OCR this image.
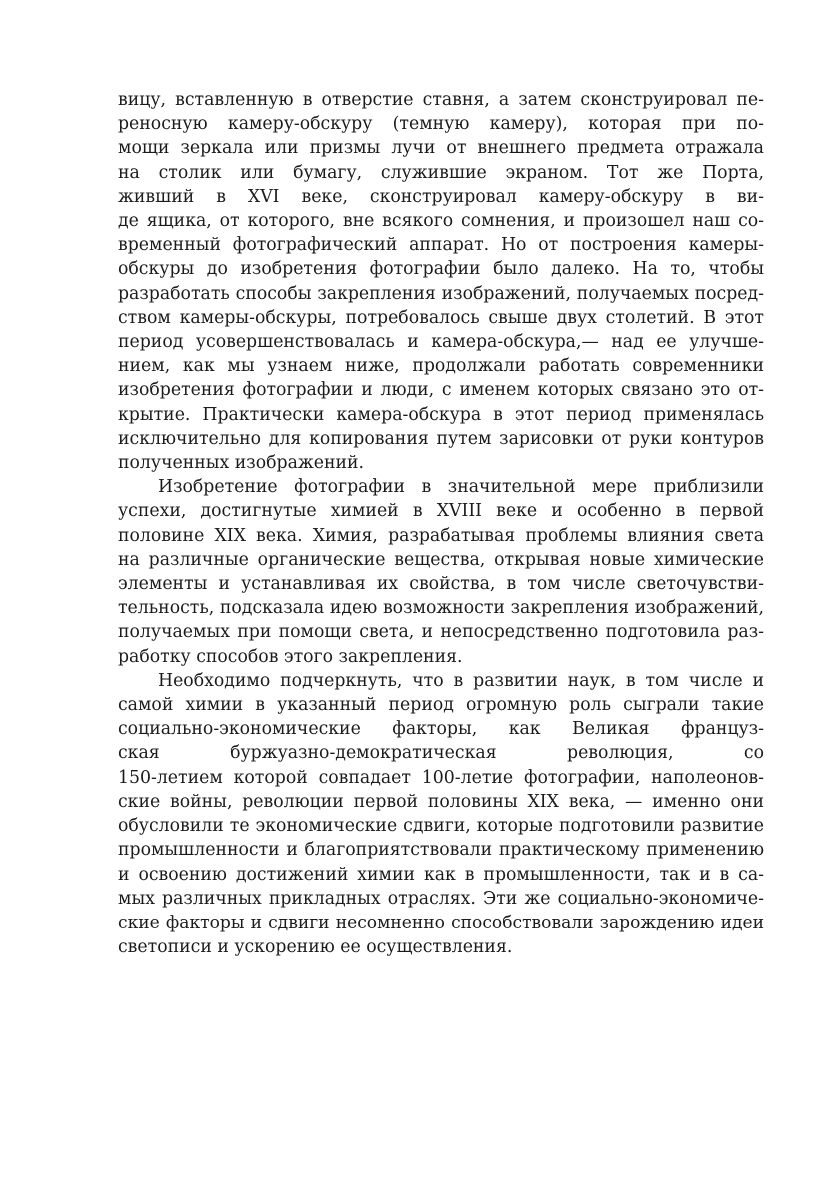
вицу, вставленную в отверстие ставня, а затем сконструировал пе-
реносную камеру-обскуру (темную камеру), которая при по-
мощи зеркала или призмы лучи от внешнего предмета отражала
на столик или бумагу, служившие экраном. Тот же Порта,
живший в XVI веке, сконструировал камеру-обскуру в ви-
де ящика, от которого, вне всякого сомнения, и произошел наш со-
временный фотографический аппарат. Но от построения камеры-
обскуры до изобретения фотографии было далеко. На то, чтобы
разработать способы закрепления изображений, получаемых посред-
ством камеры-обскуры, потребовалось свыше двух столетий. В этот
период усовершенствовалась и камера-обскура,— над ее улучше-
нием, как мы узнаем ниже, продолжали работать современники
изобретения фотографии и люди, с именем которых связано это от-
крытие. Практически камера-обскура в этот период применялась
исключительно для копирования путем зарисовки от руки контуров
полученных изображений.
Изобретение фотографии в значительной мере приблизили
успехи, достигнутые химией в XVIII веке и особенно в первой
половине XIX века. Химия, разрабатывая проблемы влияния света
на различные органические вещества, открывая новые химические
элементы и устанавливая их свойства, в том числе светочувстви-
тельность, подсказала идею возможности закрепления изображений,
получаемых при помощи света, и непосредственно подготовила раз-
работку способов этого закрепления.
Необходимо подчеркнуть, что в развитии наук, в том числе и
самой химии в указанный период огромную роль сыграли такие
социально-экономические факторы, как Великая француз-
ская буржуазно-демократическая революция, со
150-летием которой совпадает 100-летие фотографии, наполеонов-
ские войны, революции первой половины XIX века, — именно они
обусловили те экономические сдвиги, которые подготовили развитие
промышленности и благоприятствовали практическому применению
и освоению достижений химии как в промышленности, так и в са-
мых различных прикладных отраслях. Эти же социально-экономиче-
ские факторы и сдвиги несомненно способствовали зарождению идеи
светописи и ускорению ее осуществления.
